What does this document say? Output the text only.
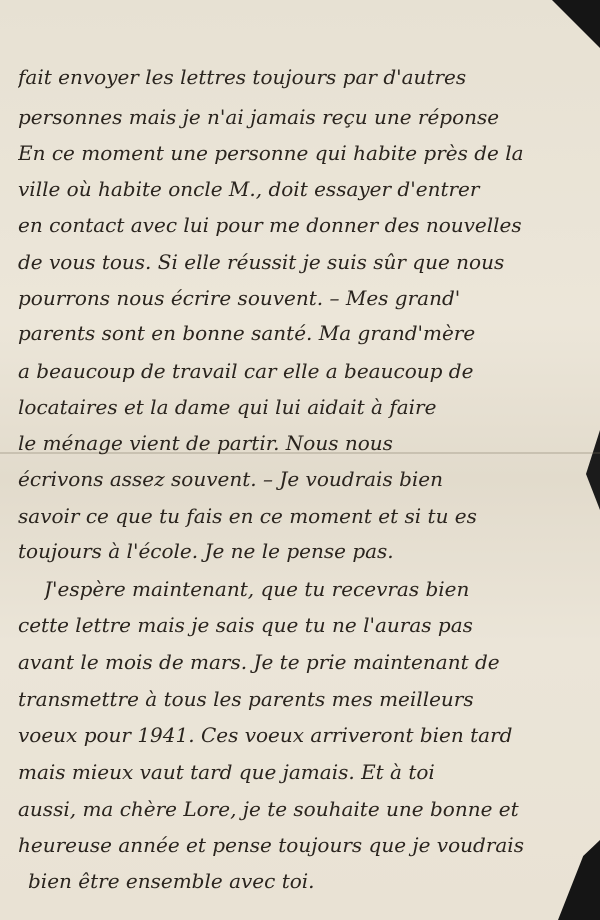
fait envoyer les lettres toujours par d'autres
personnes mais je n'ai jamais reçu une réponse
En ce moment une personne qui habite près de la
ville où habite oncle M., doit essayer d'entrer
en contact avec lui pour me donner des nouvelles
de vous tous. Si elle réussit je suis sûr que nous
pourrons nous écrire souvent. – Mes grand'
parents sont en bonne santé. Ma grand'mère
a beaucoup de travail car elle a beaucoup de
locataires et la dame qui lui aidait à faire
le ménage vient de partir. Nous nous
écrivons assez souvent. – Je voudrais bien
savoir ce que tu fais en ce moment et si tu es
toujours à l'école. Je ne le pense pas.
J'espère maintenant, que tu recevras bien
cette lettre mais je sais que tu ne l'auras pas
avant le mois de mars. Je te prie maintenant de
transmettre à tous les parents mes meilleurs
voeux pour 1941. Ces voeux arriveront bien tard
mais mieux vaut tard que jamais. Et à toi
aussi, ma chère Lore, je te souhaite une bonne et
heureuse année et pense toujours que je voudrais
bien être ensemble avec toi.
